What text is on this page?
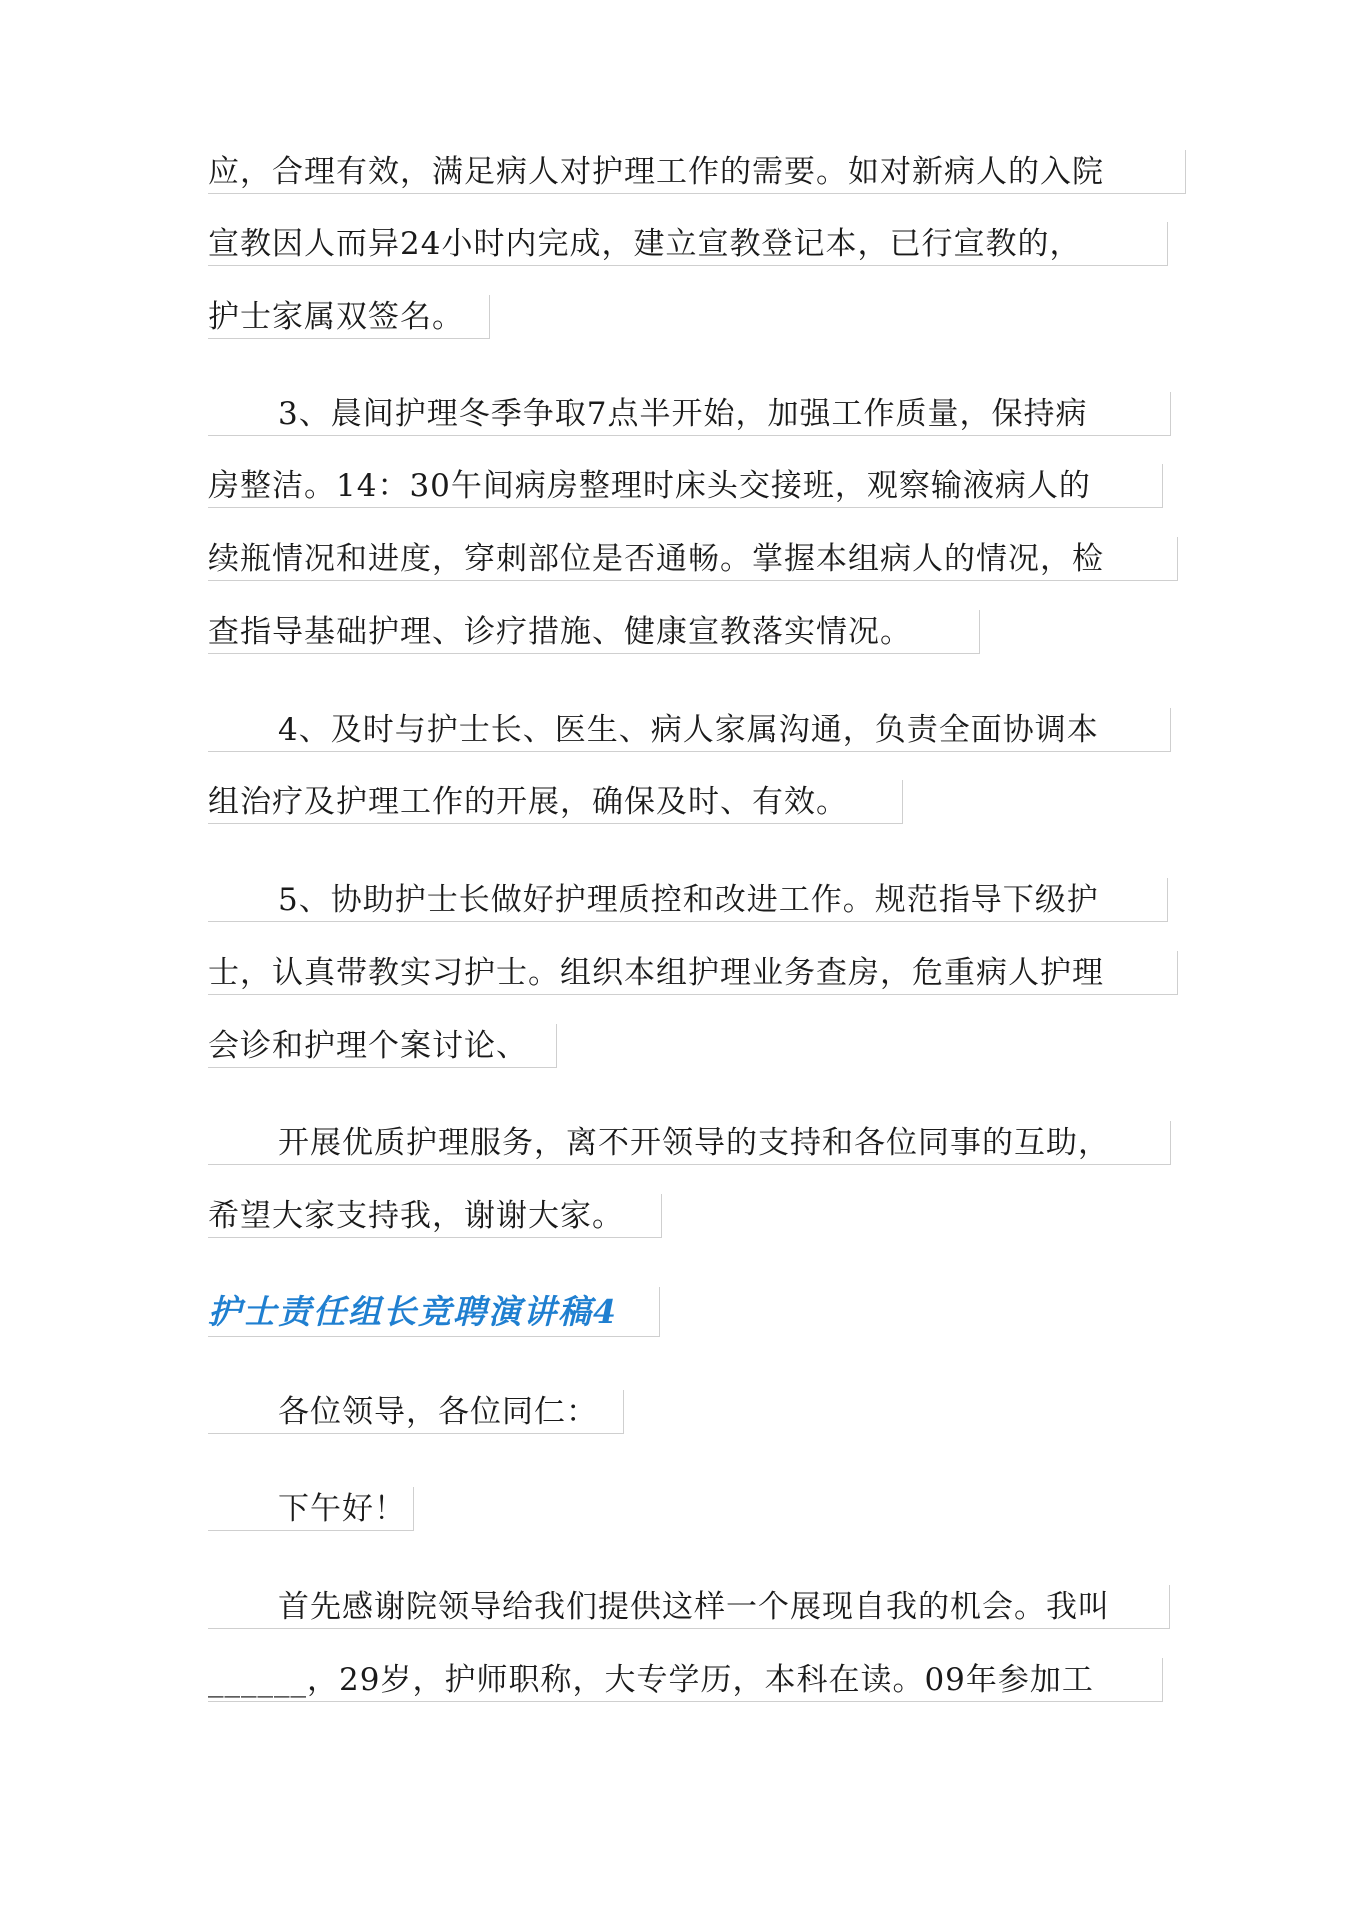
应，合理有效，满足病人对护理工作的需要。如对新病人的入院
宣教因人而异24小时内完成，建立宣教登记本，已行宣教的，
护士家属双签名。
3、晨间护理冬季争取7点半开始，加强工作质量，保持病
房整洁。14：30午间病房整理时床头交接班，观察输液病人的
续瓶情况和进度，穿刺部位是否通畅。掌握本组病人的情况，检
查指导基础护理、诊疗措施、健康宣教落实情况。
4、及时与护士长、医生、病人家属沟通，负责全面协调本
组治疗及护理工作的开展，确保及时、有效。
5、协助护士长做好护理质控和改进工作。规范指导下级护
士，认真带教实习护士。组织本组护理业务查房，危重病人护理
会诊和护理个案讨论、
开展优质护理服务，离不开领导的支持和各位同事的互助，
希望大家支持我，谢谢大家。
护士责任组长竞聘演讲稿4
各位领导，各位同仁：
下午好！
首先感谢院领导给我们提供这样一个展现自我的机会。我叫
______，29岁，护师职称，大专学历，本科在读。09年参加工
